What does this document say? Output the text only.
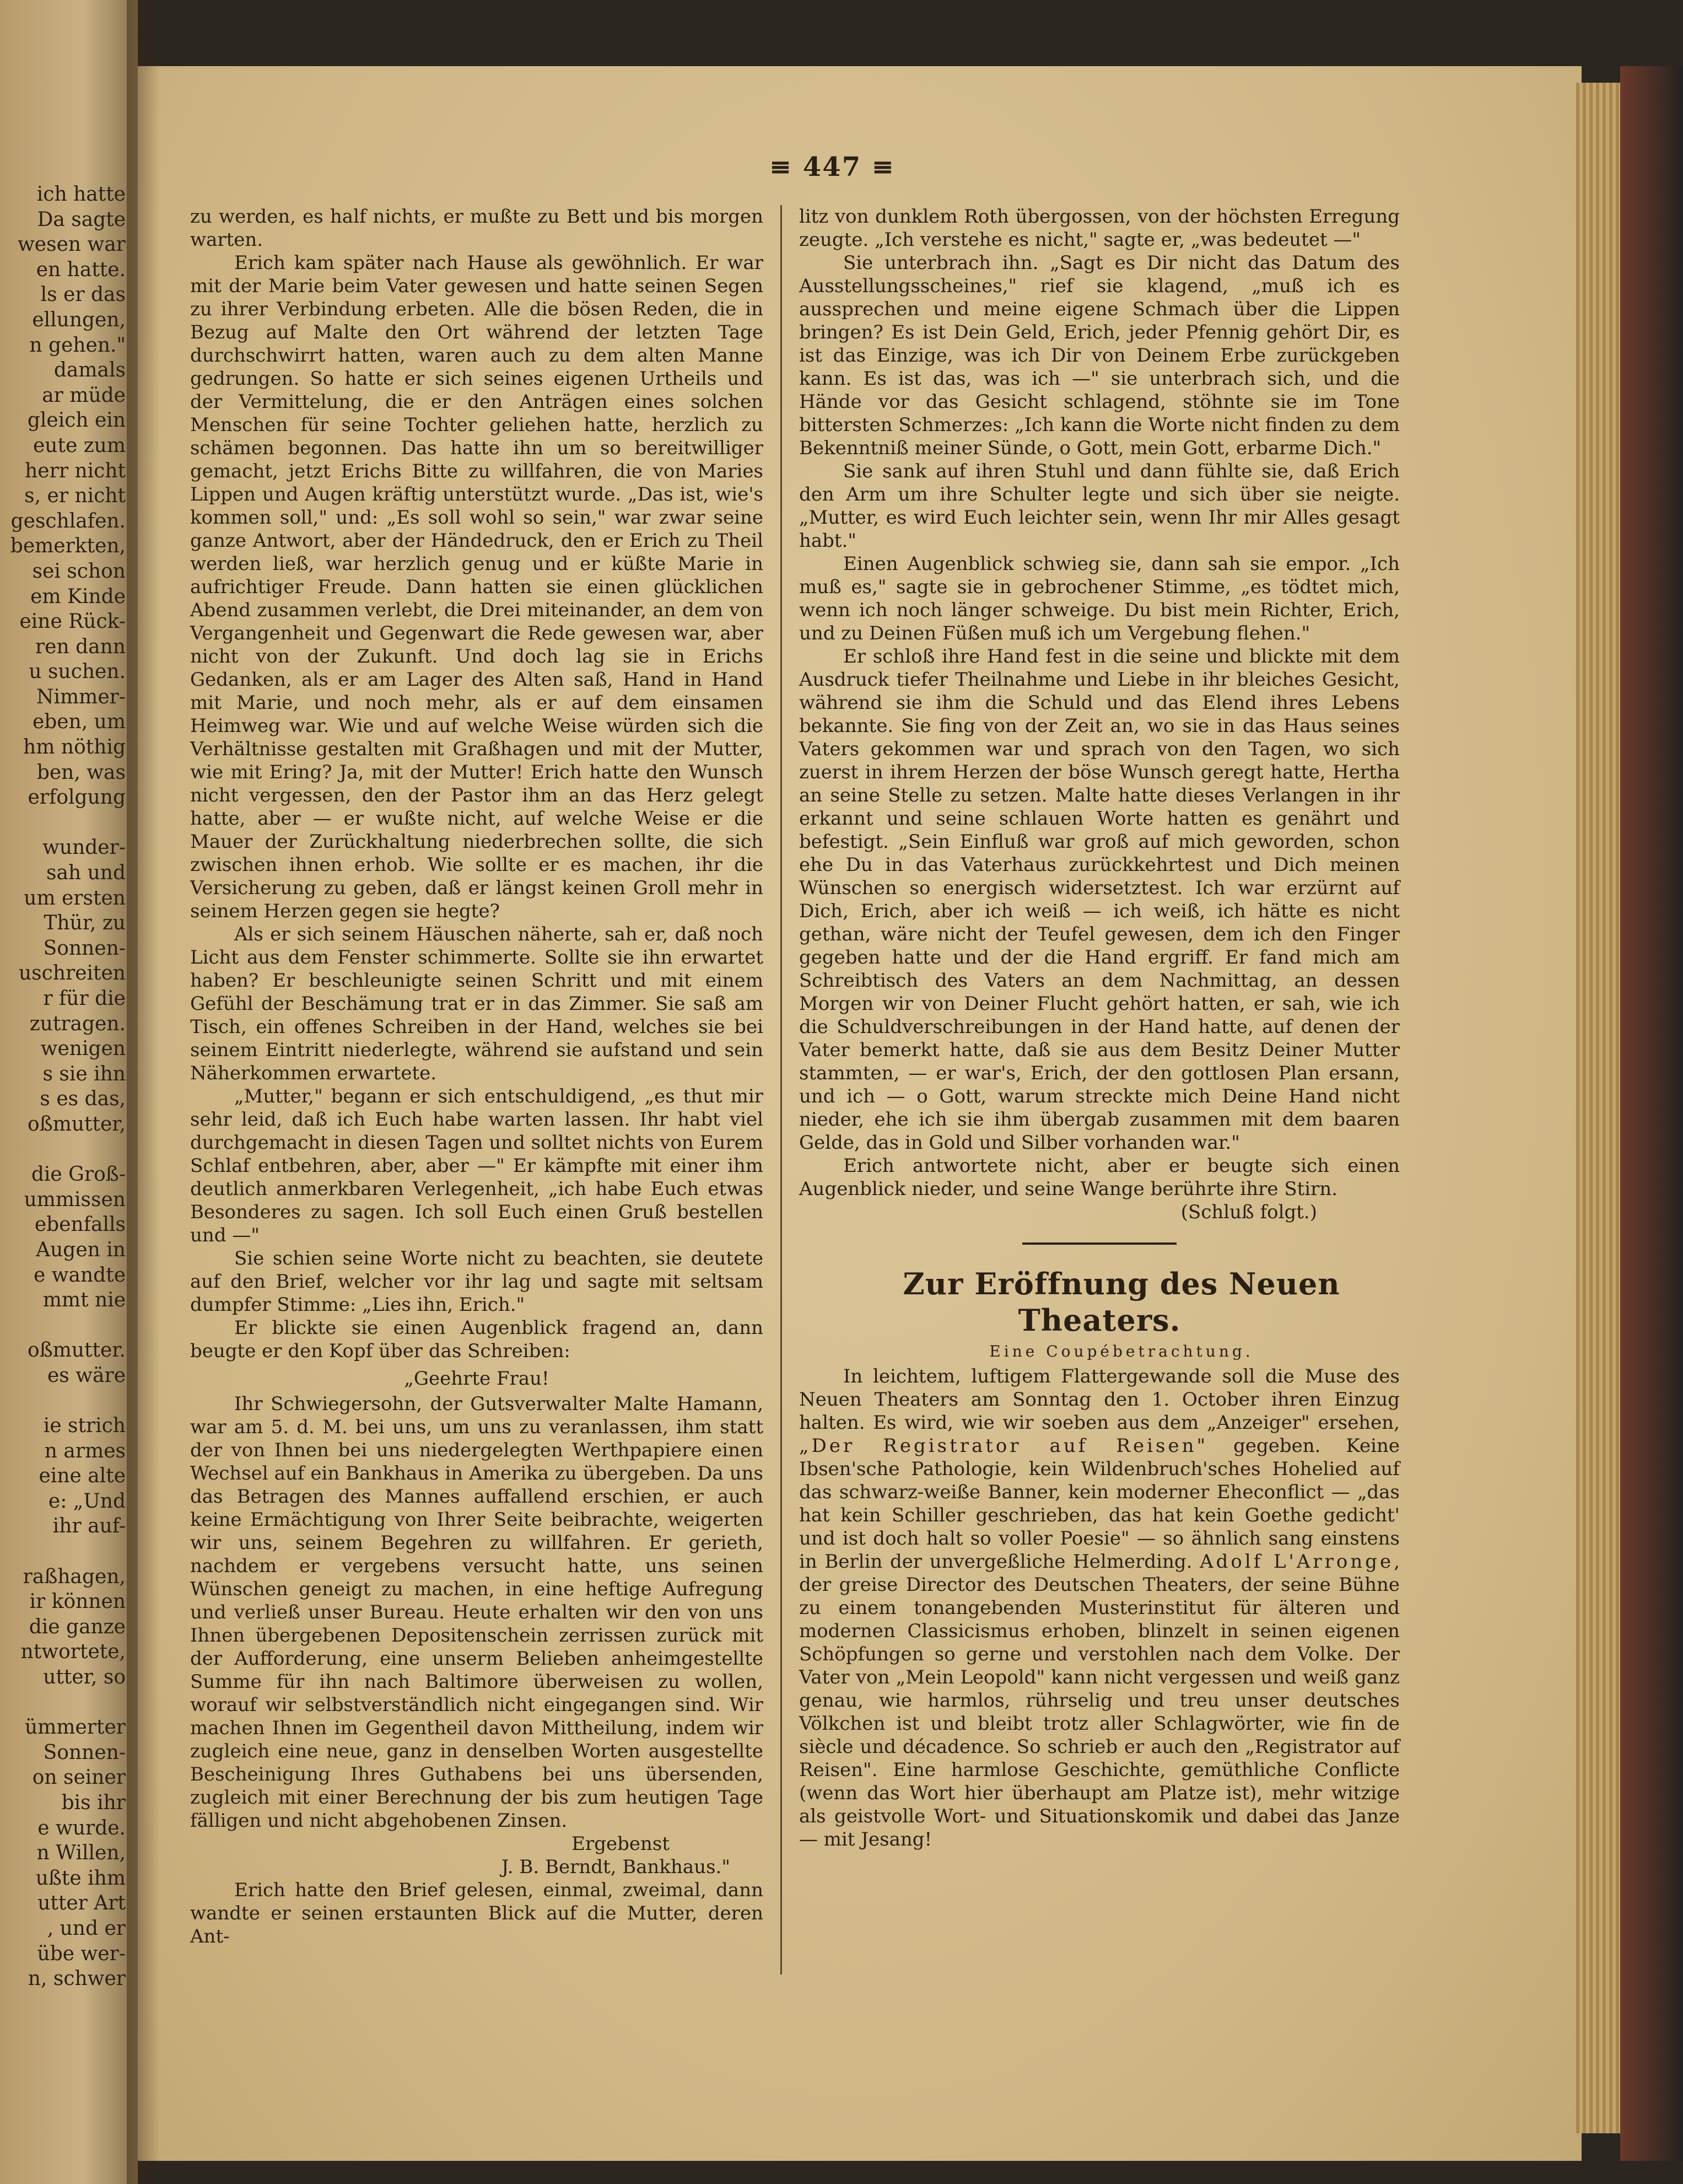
ich hatte
Da sagte
wesen war
en hatte.
ls er das
ellungen,
n gehen."
damals
ar müde
gleich ein
eute zum
herr nicht
s, er nicht
geschlafen.
bemerkten,
sei schon
em Kinde
eine Rück-
ren dann
u suchen.
Nimmer-
eben, um
hm nöthig
ben, was
erfolgung

wunder-
sah und
um ersten
Thür, zu
Sonnen-
uschreiten
r für die
zutragen.
wenigen
s sie ihn
s es das,
oßmutter,

die Groß-
ummissen
ebenfalls
Augen in
e wandte
mmt nie

oßmutter.
es wäre

ie strich
n armes
eine alte
e: „Und
ihr auf-

raßhagen,
ir können
die ganze
ntwortete,
utter, so

ümmerter
Sonnen-
on seiner
bis ihr
e wurde.
n Willen,
ußte ihm
utter Art
, und er
übe wer-
n, schwer
≡ 447 ≡

zu werden, es half nichts, er mußte zu Bett und bis morgen warten.

Erich kam später nach Hause als gewöhnlich. Er war mit der Marie beim Vater gewesen und hatte seinen Segen zu ihrer Verbindung erbeten. Alle die bösen Reden, die in Bezug auf Malte den Ort während der letzten Tage durchschwirrt hatten, waren auch zu dem alten Manne gedrungen. So hatte er sich seines eigenen Urtheils und der Vermittelung, die er den Anträgen eines solchen Menschen für seine Tochter geliehen hatte, herzlich zu schämen begonnen. Das hatte ihn um so bereitwilliger gemacht, jetzt Erichs Bitte zu willfahren, die von Maries Lippen und Augen kräftig unterstützt wurde. „Das ist, wie's kommen soll," und: „Es soll wohl so sein," war zwar seine ganze Antwort, aber der Händedruck, den er Erich zu Theil werden ließ, war herzlich genug und er küßte Marie in aufrichtiger Freude. Dann hatten sie einen glücklichen Abend zusammen verlebt, die Drei miteinander, an dem von Vergangenheit und Gegenwart die Rede gewesen war, aber nicht von der Zukunft. Und doch lag sie in Erichs Gedanken, als er am Lager des Alten saß, Hand in Hand mit Marie, und noch mehr, als er auf dem einsamen Heimweg war. Wie und auf welche Weise würden sich die Verhältnisse gestalten mit Graßhagen und mit der Mutter, wie mit Ering? Ja, mit der Mutter! Erich hatte den Wunsch nicht vergessen, den der Pastor ihm an das Herz gelegt hatte, aber — er wußte nicht, auf welche Weise er die Mauer der Zurückhaltung niederbrechen sollte, die sich zwischen ihnen erhob. Wie sollte er es machen, ihr die Versicherung zu geben, daß er längst keinen Groll mehr in seinem Herzen gegen sie hegte?

Als er sich seinem Häuschen näherte, sah er, daß noch Licht aus dem Fenster schimmerte. Sollte sie ihn erwartet haben? Er beschleunigte seinen Schritt und mit einem Gefühl der Beschämung trat er in das Zimmer. Sie saß am Tisch, ein offenes Schreiben in der Hand, welches sie bei seinem Eintritt niederlegte, während sie aufstand und sein Näherkommen erwartete.

„Mutter," begann er sich entschuldigend, „es thut mir sehr leid, daß ich Euch habe warten lassen. Ihr habt viel durchgemacht in diesen Tagen und solltet nichts von Eurem Schlaf entbehren, aber, aber —" Er kämpfte mit einer ihm deutlich anmerkbaren Verlegenheit, „ich habe Euch etwas Besonderes zu sagen. Ich soll Euch einen Gruß bestellen und —"

Sie schien seine Worte nicht zu beachten, sie deutete auf den Brief, welcher vor ihr lag und sagte mit seltsam dumpfer Stimme: „Lies ihn, Erich."

Er blickte sie einen Augenblick fragend an, dann beugte er den Kopf über das Schreiben:

„Geehrte Frau!

Ihr Schwiegersohn, der Gutsverwalter Malte Hamann, war am 5. d. M. bei uns, um uns zu veranlassen, ihm statt der von Ihnen bei uns niedergelegten Werthpapiere einen Wechsel auf ein Bankhaus in Amerika zu übergeben. Da uns das Betragen des Mannes auffallend erschien, er auch keine Ermächtigung von Ihrer Seite beibrachte, weigerten wir uns, seinem Begehren zu willfahren. Er gerieth, nachdem er vergebens versucht hatte, uns seinen Wünschen geneigt zu machen, in eine heftige Aufregung und verließ unser Bureau. Heute erhalten wir den von uns Ihnen übergebenen Depositenschein zerrissen zurück mit der Aufforderung, eine unserm Belieben anheimgestellte Summe für ihn nach Baltimore überweisen zu wollen, worauf wir selbstverständlich nicht eingegangen sind. Wir machen Ihnen im Gegentheil davon Mittheilung, indem wir zugleich eine neue, ganz in denselben Worten ausgestellte Bescheinigung Ihres Guthabens bei uns übersenden, zugleich mit einer Berechnung der bis zum heutigen Tage fälligen und nicht abgehobenen Zinsen.

Ergebenst

J. B. Berndt, Bankhaus."

Erich hatte den Brief gelesen, einmal, zweimal, dann wandte er seinen erstaunten Blick auf die Mutter, deren Ant-

litz von dunklem Roth übergossen, von der höchsten Erregung zeugte. „Ich verstehe es nicht," sagte er, „was bedeutet —"

Sie unterbrach ihn. „Sagt es Dir nicht das Datum des Ausstellungsscheines," rief sie klagend, „muß ich es aussprechen und meine eigene Schmach über die Lippen bringen? Es ist Dein Geld, Erich, jeder Pfennig gehört Dir, es ist das Einzige, was ich Dir von Deinem Erbe zurückgeben kann. Es ist das, was ich —" sie unterbrach sich, und die Hände vor das Gesicht schlagend, stöhnte sie im Tone bittersten Schmerzes: „Ich kann die Worte nicht finden zu dem Bekenntniß meiner Sünde, o Gott, mein Gott, erbarme Dich."

Sie sank auf ihren Stuhl und dann fühlte sie, daß Erich den Arm um ihre Schulter legte und sich über sie neigte. „Mutter, es wird Euch leichter sein, wenn Ihr mir Alles gesagt habt."

Einen Augenblick schwieg sie, dann sah sie empor. „Ich muß es," sagte sie in gebrochener Stimme, „es tödtet mich, wenn ich noch länger schweige. Du bist mein Richter, Erich, und zu Deinen Füßen muß ich um Vergebung flehen."

Er schloß ihre Hand fest in die seine und blickte mit dem Ausdruck tiefer Theilnahme und Liebe in ihr bleiches Gesicht, während sie ihm die Schuld und das Elend ihres Lebens bekannte. Sie fing von der Zeit an, wo sie in das Haus seines Vaters gekommen war und sprach von den Tagen, wo sich zuerst in ihrem Herzen der böse Wunsch geregt hatte, Hertha an seine Stelle zu setzen. Malte hatte dieses Verlangen in ihr erkannt und seine schlauen Worte hatten es genährt und befestigt. „Sein Einfluß war groß auf mich geworden, schon ehe Du in das Vaterhaus zurückkehrtest und Dich meinen Wünschen so energisch widersetztest. Ich war erzürnt auf Dich, Erich, aber ich weiß — ich weiß, ich hätte es nicht gethan, wäre nicht der Teufel gewesen, dem ich den Finger gegeben hatte und der die Hand ergriff. Er fand mich am Schreibtisch des Vaters an dem Nachmittag, an dessen Morgen wir von Deiner Flucht gehört hatten, er sah, wie ich die Schuldverschreibungen in der Hand hatte, auf denen der Vater bemerkt hatte, daß sie aus dem Besitz Deiner Mutter stammten, — er war's, Erich, der den gottlosen Plan ersann, und ich — o Gott, warum streckte mich Deine Hand nicht nieder, ehe ich sie ihm übergab zusammen mit dem baaren Gelde, das in Gold und Silber vorhanden war."

Erich antwortete nicht, aber er beugte sich einen Augenblick nieder, und seine Wange berührte ihre Stirn.

(Schluß folgt.)

Zur Eröffnung des Neuen Theaters.

Eine Coupébetrachtung.

In leichtem, luftigem Flattergewande soll die Muse des Neuen Theaters am Sonntag den 1. October ihren Einzug halten. Es wird, wie wir soeben aus dem „Anzeiger" ersehen, „Der Registrator auf Reisen" gegeben. Keine Ibsen'sche Pathologie, kein Wildenbruch'sches Hohelied auf das schwarz-weiße Banner, kein moderner Eheconflict — „das hat kein Schiller geschrieben, das hat kein Goethe gedicht' und ist doch halt so voller Poesie" — so ähnlich sang einstens in Berlin der unvergeßliche Helmerding. Adolf L'Arronge, der greise Director des Deutschen Theaters, der seine Bühne zu einem tonangebenden Musterinstitut für älteren und modernen Classicismus erhoben, blinzelt in seinen eigenen Schöpfungen so gerne und verstohlen nach dem Volke. Der Vater von „Mein Leopold" kann nicht vergessen und weiß ganz genau, wie harmlos, rührselig und treu unser deutsches Völkchen ist und bleibt trotz aller Schlagwörter, wie fin de siècle und décadence. So schrieb er auch den „Registrator auf Reisen". Eine harmlose Geschichte, gemüthliche Conflicte (wenn das Wort hier überhaupt am Platze ist), mehr witzige als geistvolle Wort- und Situationskomik und dabei das Janze — mit Jesang!
